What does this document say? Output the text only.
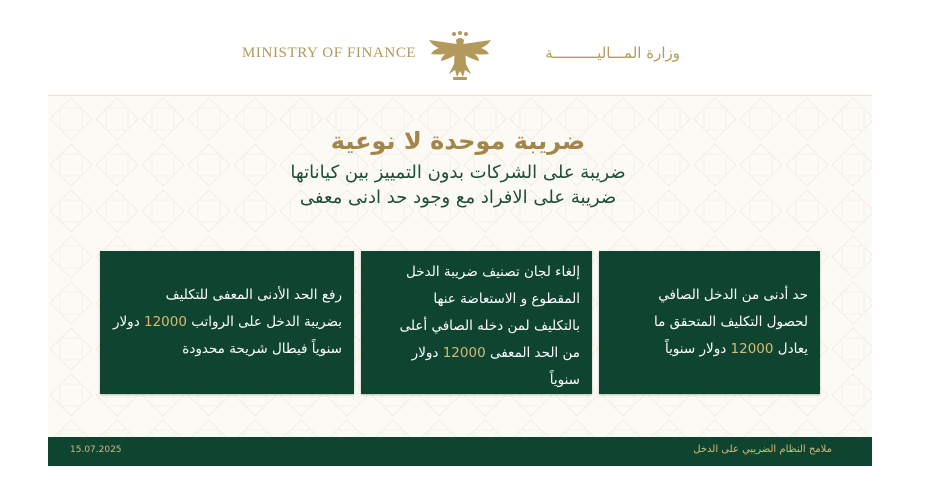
MINISTRY OF FINANCE	وزارة المـــاليــــــــــة
ضريبة موحدة لا نوعية
ضريبة على الشركات بدون التمييز بين كياناتها
ضريبة على الافراد مع وجود حد ادنى معفى

رفع الحد الأدنى المعفى للتكليف

بضريبة الدخل على الرواتب 12000 دولار

سنوياً فيطال شريحة محدودة

إلغاء لجان تصنيف ضريبة الدخل

المقطوع و الاستعاضة عنها

بالتكليف لمن دخله الصافي أعلى

من الحد المعفى 12000 دولار

سنوياً

حد أدنى من الدخل الصافي

لحصول التكليف المتحقق ما

يعادل 12000 دولار سنوياً

15.07.2025	ملامح النظام الضريبي على الدخل
